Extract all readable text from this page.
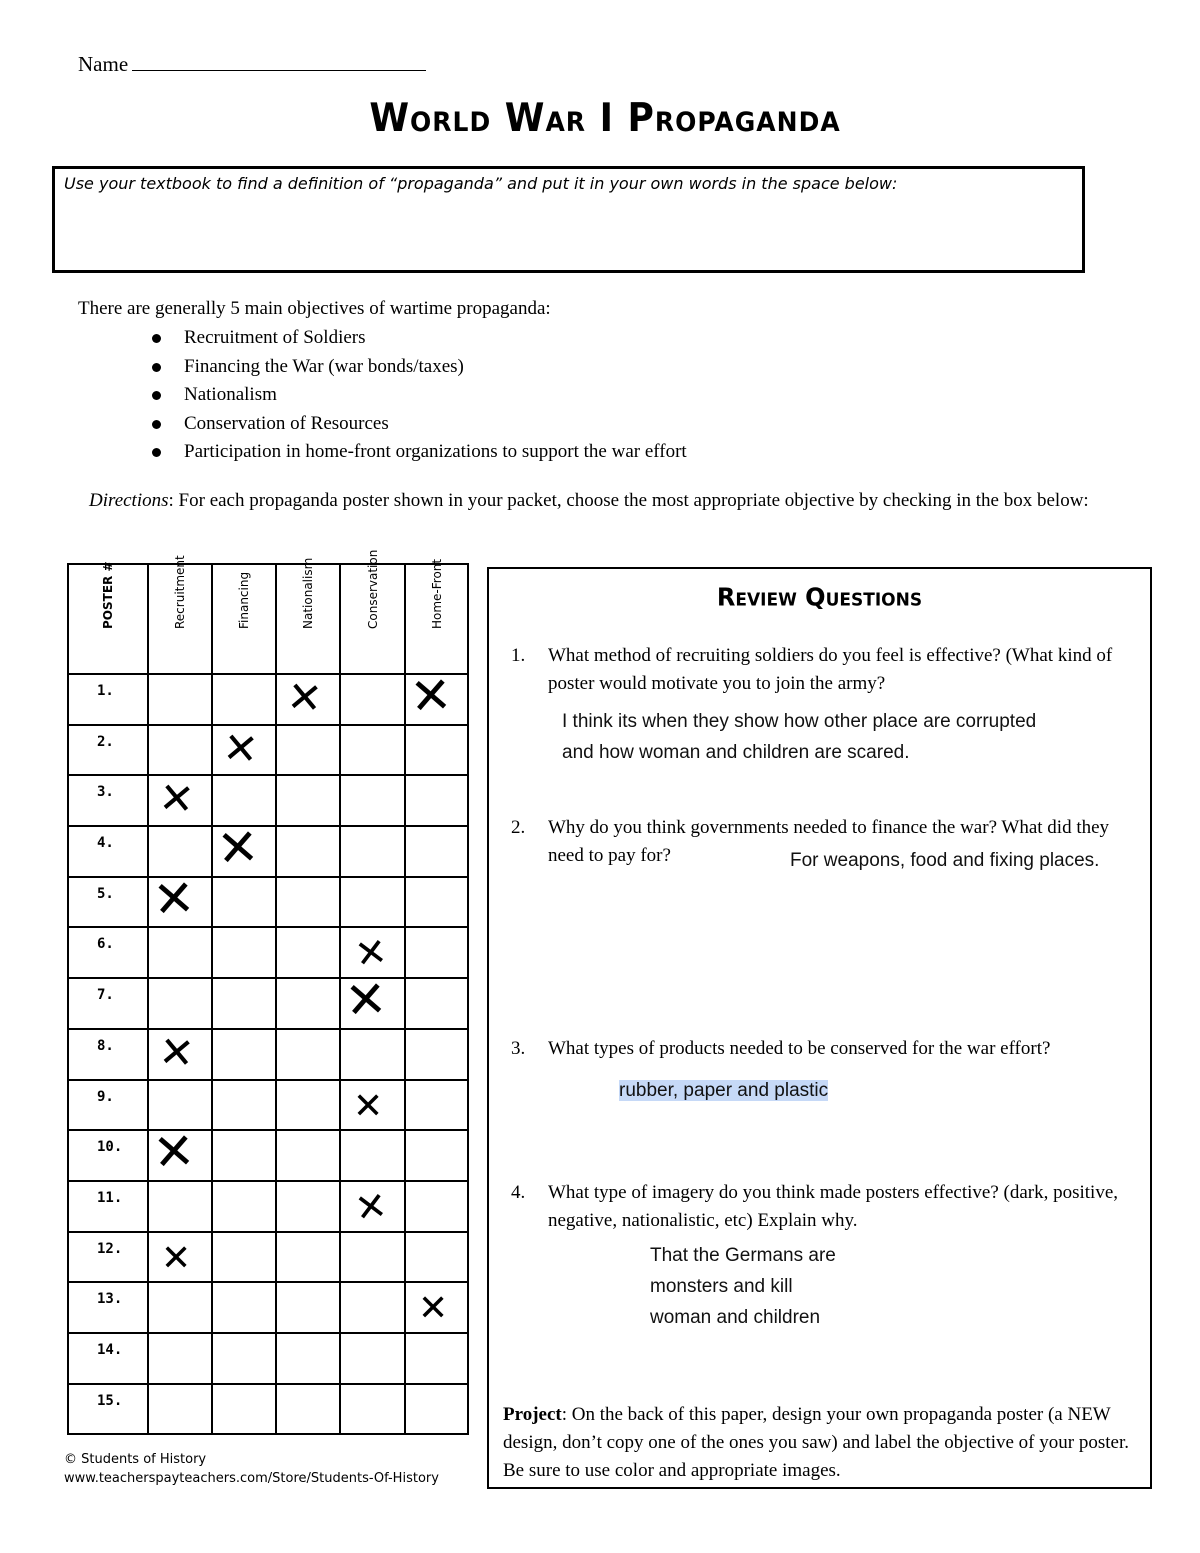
Name
World War I Propaganda
Use your textbook to find a definition of “propaganda” and put it in your own words in the space below:
There are generally 5 main objectives of wartime propaganda:
Recruitment of Soldiers
Financing the War (war bonds/taxes)
Nationalism
Conservation of Resources
Participation in home-front organizations to support the war effort
Directions: For each propaganda poster shown in your packet, choose the most appropriate objective by checking in the box below:
POSTER #	Recruitment	Financing	Nationalism	Conservation	Home-Front

1.			✕		✕

2.		✕			

3.	✕				

4.		✕			

5.	✕				

6.				✕	

7.				✕	

8.	✕				

9.				✕	

10.	✕				

11.				✕	

12.	✕				

13.					✕

14.					
15.					
© Students of History
www.teacherspayteachers.com/Store/Students-Of-History
Review Questions
1.	What method of recruiting soldiers do you feel is effective? (What kind of poster would motivate you to join the army?
I think its when they show how other place are corrupted
and how woman and children are scared.
2.	Why do you think governments needed to finance the war? What did they need to pay for?	For weapons, food and fixing places.
3.	What types of products needed to be conserved for the war effort?
rubber, paper and plastic
4.	What type of imagery do you think made posters effective? (dark, positive, negative, nationalistic, etc) Explain why.
That the Germans are
monsters and kill
woman and children
Project: On the back of this paper, design your own propaganda poster (a NEW design, don’t copy one of the ones you saw) and label the objective of your poster. Be sure to use color and appropriate images.
